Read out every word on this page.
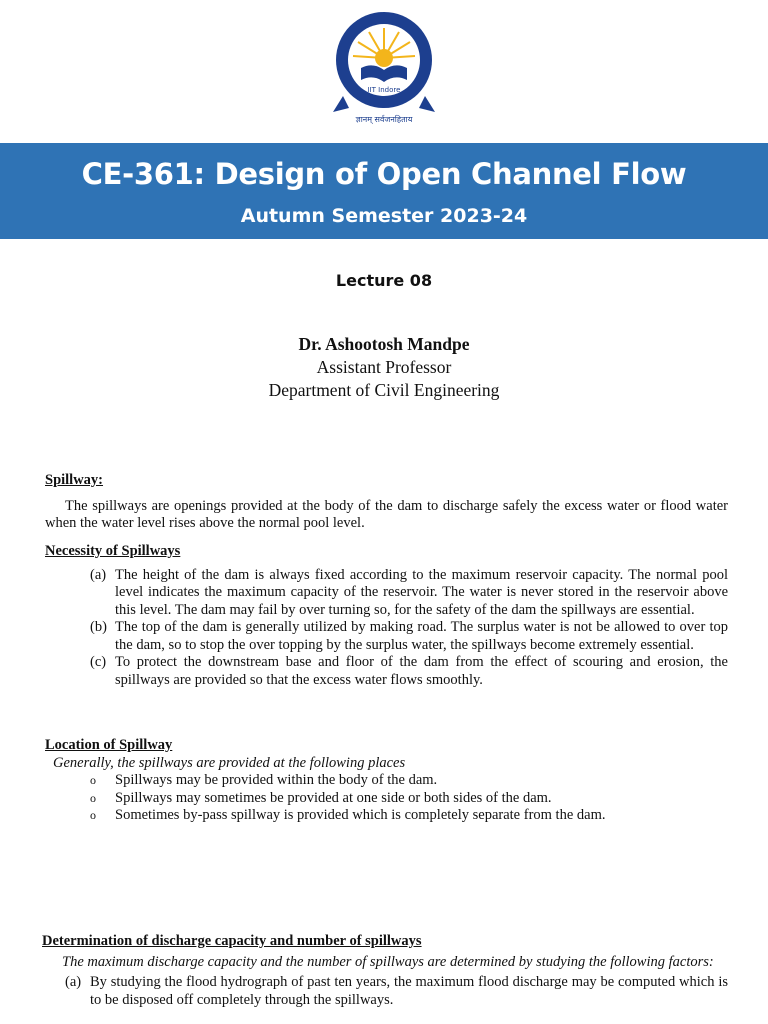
IIT Indore
ज्ञानम् सर्वजनहिताय
CE-361: Design of Open Channel Flow
Autumn Semester 2023-24
Lecture 08
Dr. Ashootosh Mandpe
Assistant Professor
Department of Civil Engineering
Spillway:
The spillways are openings provided at the body of the dam to discharge safely the excess water or flood water when the water level rises above the normal pool level.
Necessity of Spillways
(a) The height of the dam is always fixed according to the maximum reservoir capacity. The normal pool level indicates the maximum capacity of the reservoir. The water is never stored in the reservoir above this level. The dam may fail by over turning so, for the safety of the dam the spillways are essential.
(b) The top of the dam is generally utilized by making road. The surplus water is not be allowed to over top the dam, so to stop the over topping by the surplus water, the spillways become extremely essential.
(c) To protect the downstream base and floor of the dam from the effect of scouring and erosion, the spillways are provided so that the excess water flows smoothly.
Location of Spillway
Generally, the spillways are provided at the following places
o	Spillways may be provided within the body of the dam.
o	Spillways may sometimes be provided at one side or both sides of the dam.
o	Sometimes by-pass spillway is provided which is completely separate from the dam.
Determination of discharge capacity and number of spillways
The maximum discharge capacity and the number of spillways are determined by studying the following factors:
(a) By studying the flood hydrograph of past ten years, the maximum flood discharge may be computed which is to be disposed off completely through the spillways.
